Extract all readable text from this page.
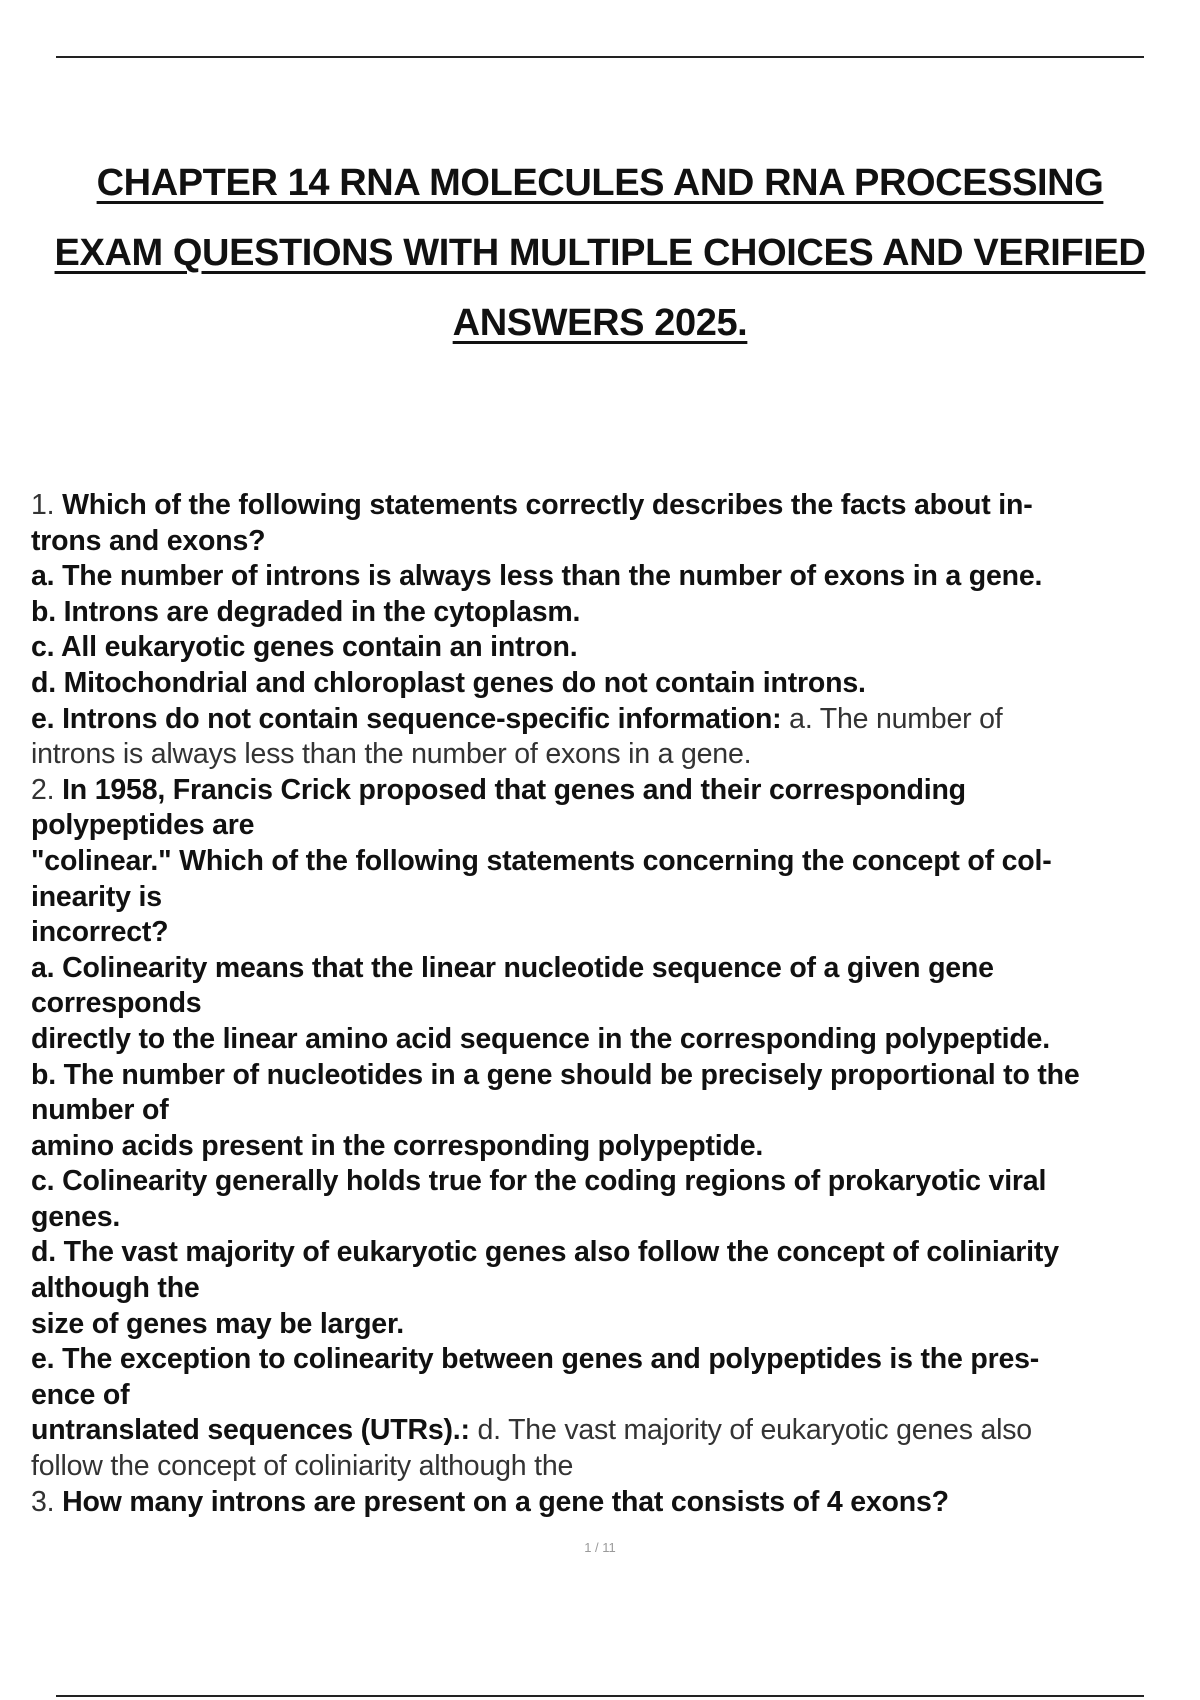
CHAPTER 14 RNA MOLECULES AND RNA PROCESSING
EXAM QUESTIONS WITH MULTIPLE CHOICES AND VERIFIED
ANSWERS 2025.

1. Which of the following statements correctly describes the facts about in-

trons and exons?

a. The number of introns is always less than the number of exons in a gene.

b. Introns are degraded in the cytoplasm.

c. All eukaryotic genes contain an intron.

d. Mitochondrial and chloroplast genes do not contain introns.

e. Introns do not contain sequence-specific information: a. The number of

introns is always less than the number of exons in a gene.

2. In 1958, Francis Crick proposed that genes and their corresponding

polypeptides are

"colinear." Which of the following statements concerning the concept of col-

inearity is

incorrect?

a. Colinearity means that the linear nucleotide sequence of a given gene

corresponds

directly to the linear amino acid sequence in the corresponding polypeptide.

b. The number of nucleotides in a gene should be precisely proportional to the

number of

amino acids present in the corresponding polypeptide.

c. Colinearity generally holds true for the coding regions of prokaryotic viral

genes.

d. The vast majority of eukaryotic genes also follow the concept of coliniarity

although the

size of genes may be larger.

e. The exception to colinearity between genes and polypeptides is the pres-

ence of

untranslated sequences (UTRs).: d. The vast majority of eukaryotic genes also

follow the concept of coliniarity although the

3. How many introns are present on a gene that consists of 4 exons?

1 / 11
